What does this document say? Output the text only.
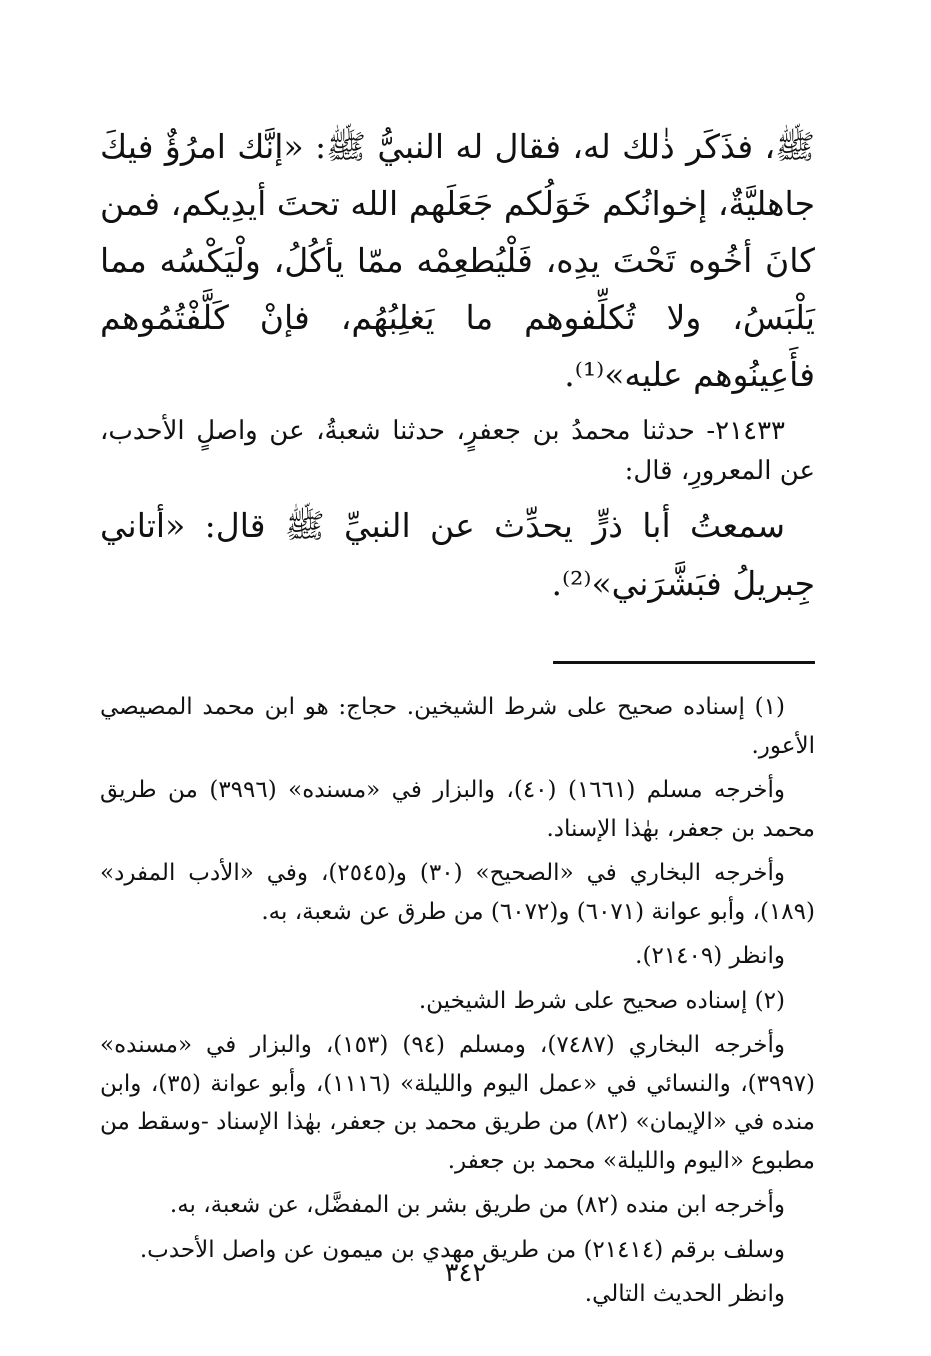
ﷺ، فذَكَر ذٰلك له، فقال له النبيُّ ﷺ: «إنَّك امرُؤٌ فيكَ جاهليَّةٌ، إخوانُكم خَوَلُكم جَعَلَهم الله تحتَ أيدِيكم، فمن كانَ أخُوه تَحْتَ يدِه، فَلْيُطعِمْه ممّا يأكُلُ، ولْيَكْسُه مما يَلْبَسُ، ولا تُكلِّفوهم ما يَغلِبُهُم، فإنْ كَلَّفْتُمُوهم فأَعِينُوهم عليه»⁽¹⁾.

٢١٤٣٣- حدثنا محمدُ بن جعفرٍ، حدثنا شعبةُ، عن واصلٍ الأحدب، عن المعرورِ، قال:

سمعتُ أبا ذرٍّ يحدِّث عن النبيِّ ﷺ قال: «أتاني جِبريلُ فبَشَّرَني»⁽²⁾.

(١) إسناده صحيح على شرط الشيخين. حجاج: هو ابن محمد المصيصي الأعور.

وأخرجه مسلم (١٦٦١) (٤٠)، والبزار في «مسنده» (٣٩٩٦) من طريق محمد بن جعفر، بهٰذا الإسناد.

وأخرجه البخاري في «الصحيح» (٣٠) و(٢٥٤٥)، وفي «الأدب المفرد» (١٨٩)، وأبو عوانة (٦٠٧١) و(٦٠٧٢) من طرق عن شعبة، به.

وانظر (٢١٤٠٩).

(٢) إسناده صحيح على شرط الشيخين.

وأخرجه البخاري (٧٤٨٧)، ومسلم (٩٤) (١٥٣)، والبزار في «مسنده» (٣٩٩٧)، والنسائي في «عمل اليوم والليلة» (١١١٦)، وأبو عوانة (٣٥)، وابن منده في «الإيمان» (٨٢) من طريق محمد بن جعفر، بهٰذا الإسناد -وسقط من مطبوع «اليوم والليلة» محمد بن جعفر.

وأخرجه ابن منده (٨٢) من طريق بشر بن المفضَّل، عن شعبة، به.

وسلف برقم (٢١٤١٤) من طريق مهدي بن ميمون عن واصل الأحدب.

وانظر الحديث التالي.

٣٤٢
